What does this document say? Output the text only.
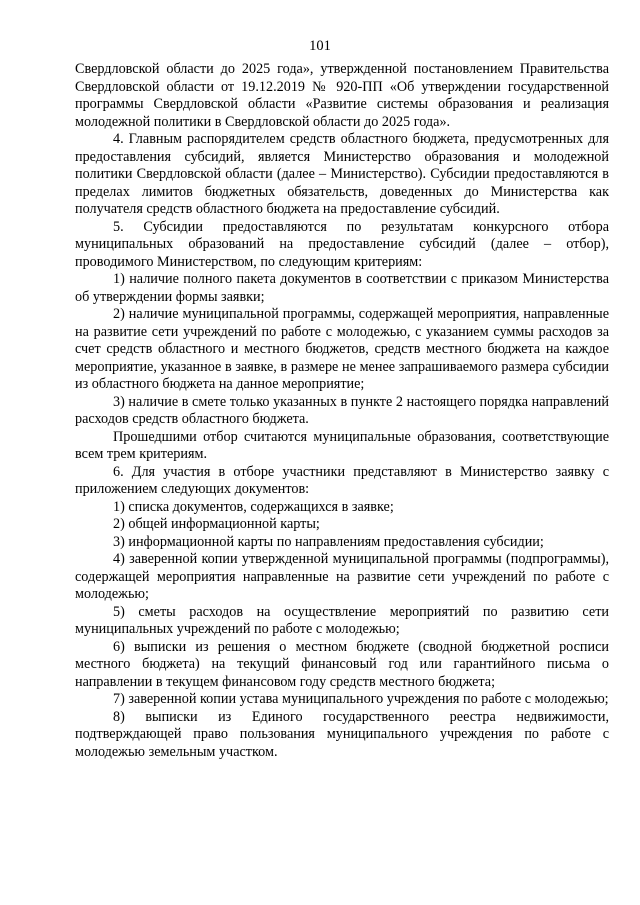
101

Свердловской области до 2025 года», утвержденной постановлением Правительства Свердловской области от 19.12.2019 № 920-ПП «Об утверждении государственной программы Свердловской области «Развитие системы образования и реализация молодежной политики в Свердловской области до 2025 года».

4. Главным распорядителем средств областного бюджета, предусмотренных для предоставления субсидий, является Министерство образования и молодежной политики Свердловской области (далее – Министерство). Субсидии предоставляются в пределах лимитов бюджетных обязательств, доведенных до Министерства как получателя средств областного бюджета на предоставление субсидий.

5. Субсидии предоставляются по результатам конкурсного отбора муниципальных образований на предоставление субсидий (далее – отбор), проводимого Министерством, по следующим критериям:

1) наличие полного пакета документов в соответствии с приказом Министерства об утверждении формы заявки;

2) наличие муниципальной программы, содержащей мероприятия, направленные на развитие сети учреждений по работе с молодежью, с указанием суммы расходов за счет средств областного и местного бюджетов, средств местного бюджета на каждое мероприятие, указанное в заявке, в размере не менее запрашиваемого размера субсидии из областного бюджета на данное мероприятие;

3) наличие в смете только указанных в пункте 2 настоящего порядка направлений расходов средств областного бюджета.

Прошедшими отбор считаются муниципальные образования, соответствующие всем трем критериям.

6. Для участия в отборе участники представляют в Министерство заявку с приложением следующих документов:

1) списка документов, содержащихся в заявке;

2) общей информационной карты;

3) информационной карты по направлениям предоставления субсидии;

4) заверенной копии утвержденной муниципальной программы (подпрограммы), содержащей мероприятия направленные на развитие сети учреждений по работе с молодежью;

5) сметы расходов на осуществление мероприятий по развитию сети муниципальных учреждений по работе с молодежью;

6) выписки из решения о местном бюджете (сводной бюджетной росписи местного бюджета) на текущий финансовый год или гарантийного письма о направлении в текущем финансовом году средств местного бюджета;

7) заверенной копии устава муниципального учреждения по работе с молодежью;

8) выписки из Единого государственного реестра недвижимости, подтверждающей право пользования муниципального учреждения по работе с молодежью земельным участком.
